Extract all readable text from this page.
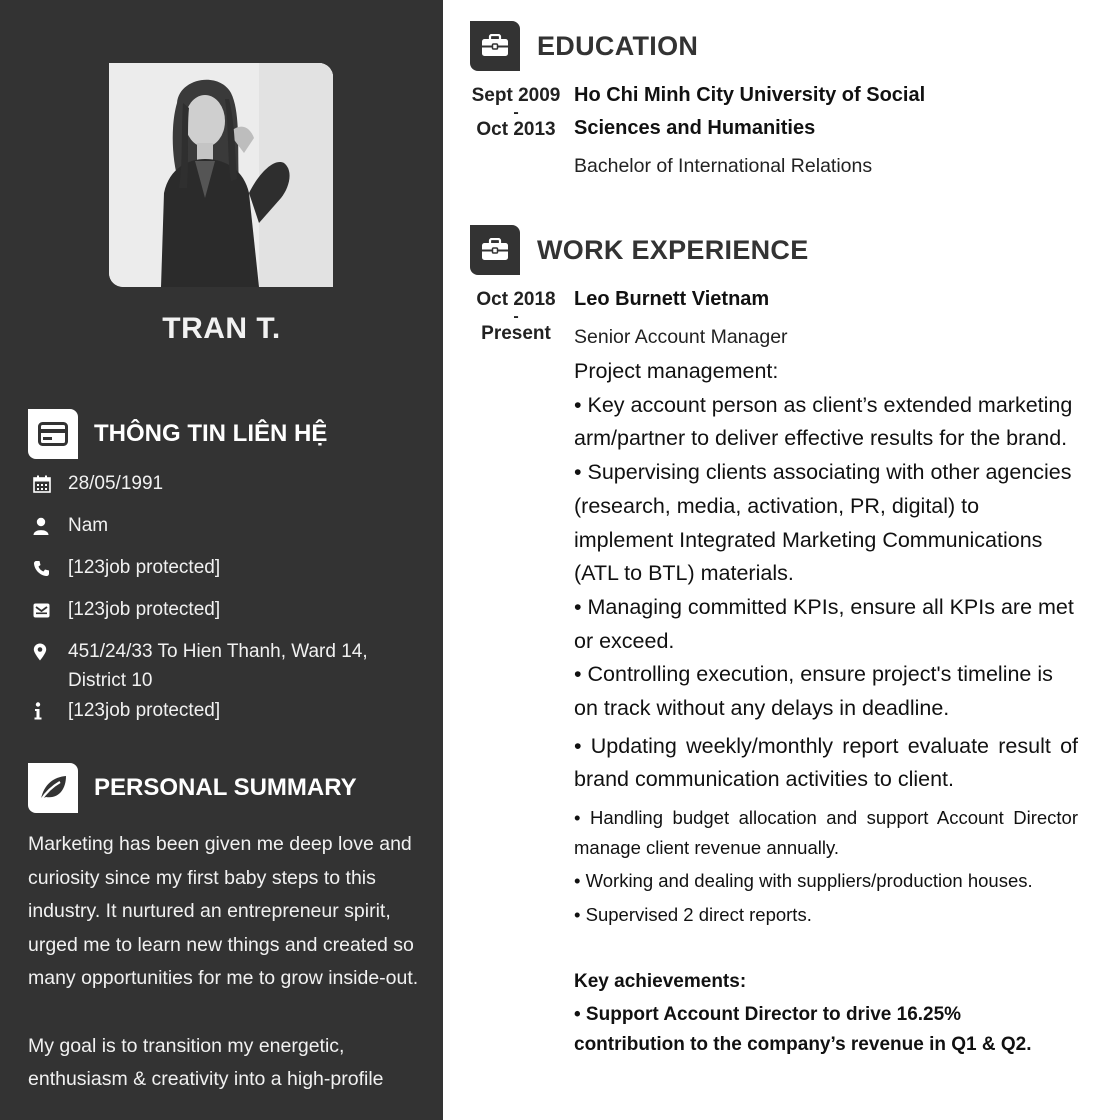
TRAN T.
THÔNG TIN LIÊN HỆ
28/05/1991
Nam
[123job protected]
[123job protected]
451/24/33 To Hien Thanh, Ward 14, District 10
[123job protected]
PERSONAL SUMMARY

Marketing has been given me deep love and curiosity since my first baby steps to this industry. It nurtured an entrepreneur spirit, urged me to learn new things and created so many opportunities for me to grow inside-out.

My goal is to transition my energetic, enthusiasm & creativity into a high-profile

EDUCATION
Sept 2009
-
Oct 2013
Ho Chi Minh City University of Social Sciences and Humanities
Bachelor of International Relations
WORK EXPERIENCE
Oct 2018
-
Present
Leo Burnett Vietnam
Senior Account Manager
Project management:
• Key account person as client’s extended marketing arm/partner to deliver effective results for the brand.
• Supervising clients associating with other agencies (research, media, activation, PR, digital) to implement Integrated Marketing Communications (ATL to BTL) materials.
• Managing committed KPIs, ensure all KPIs are met or exceed.
• Controlling execution, ensure project's timeline is on track without any delays in deadline.
• Updating weekly/monthly report evaluate result of brand communication activities to client.
• Handling budget allocation and support Account Director manage client revenue annually.
• Working and dealing with suppliers/production houses.
• Supervised 2 direct reports.
Key achievements:
• Support Account Director to drive 16.25% contribution to the company’s revenue in Q1 & Q2.
